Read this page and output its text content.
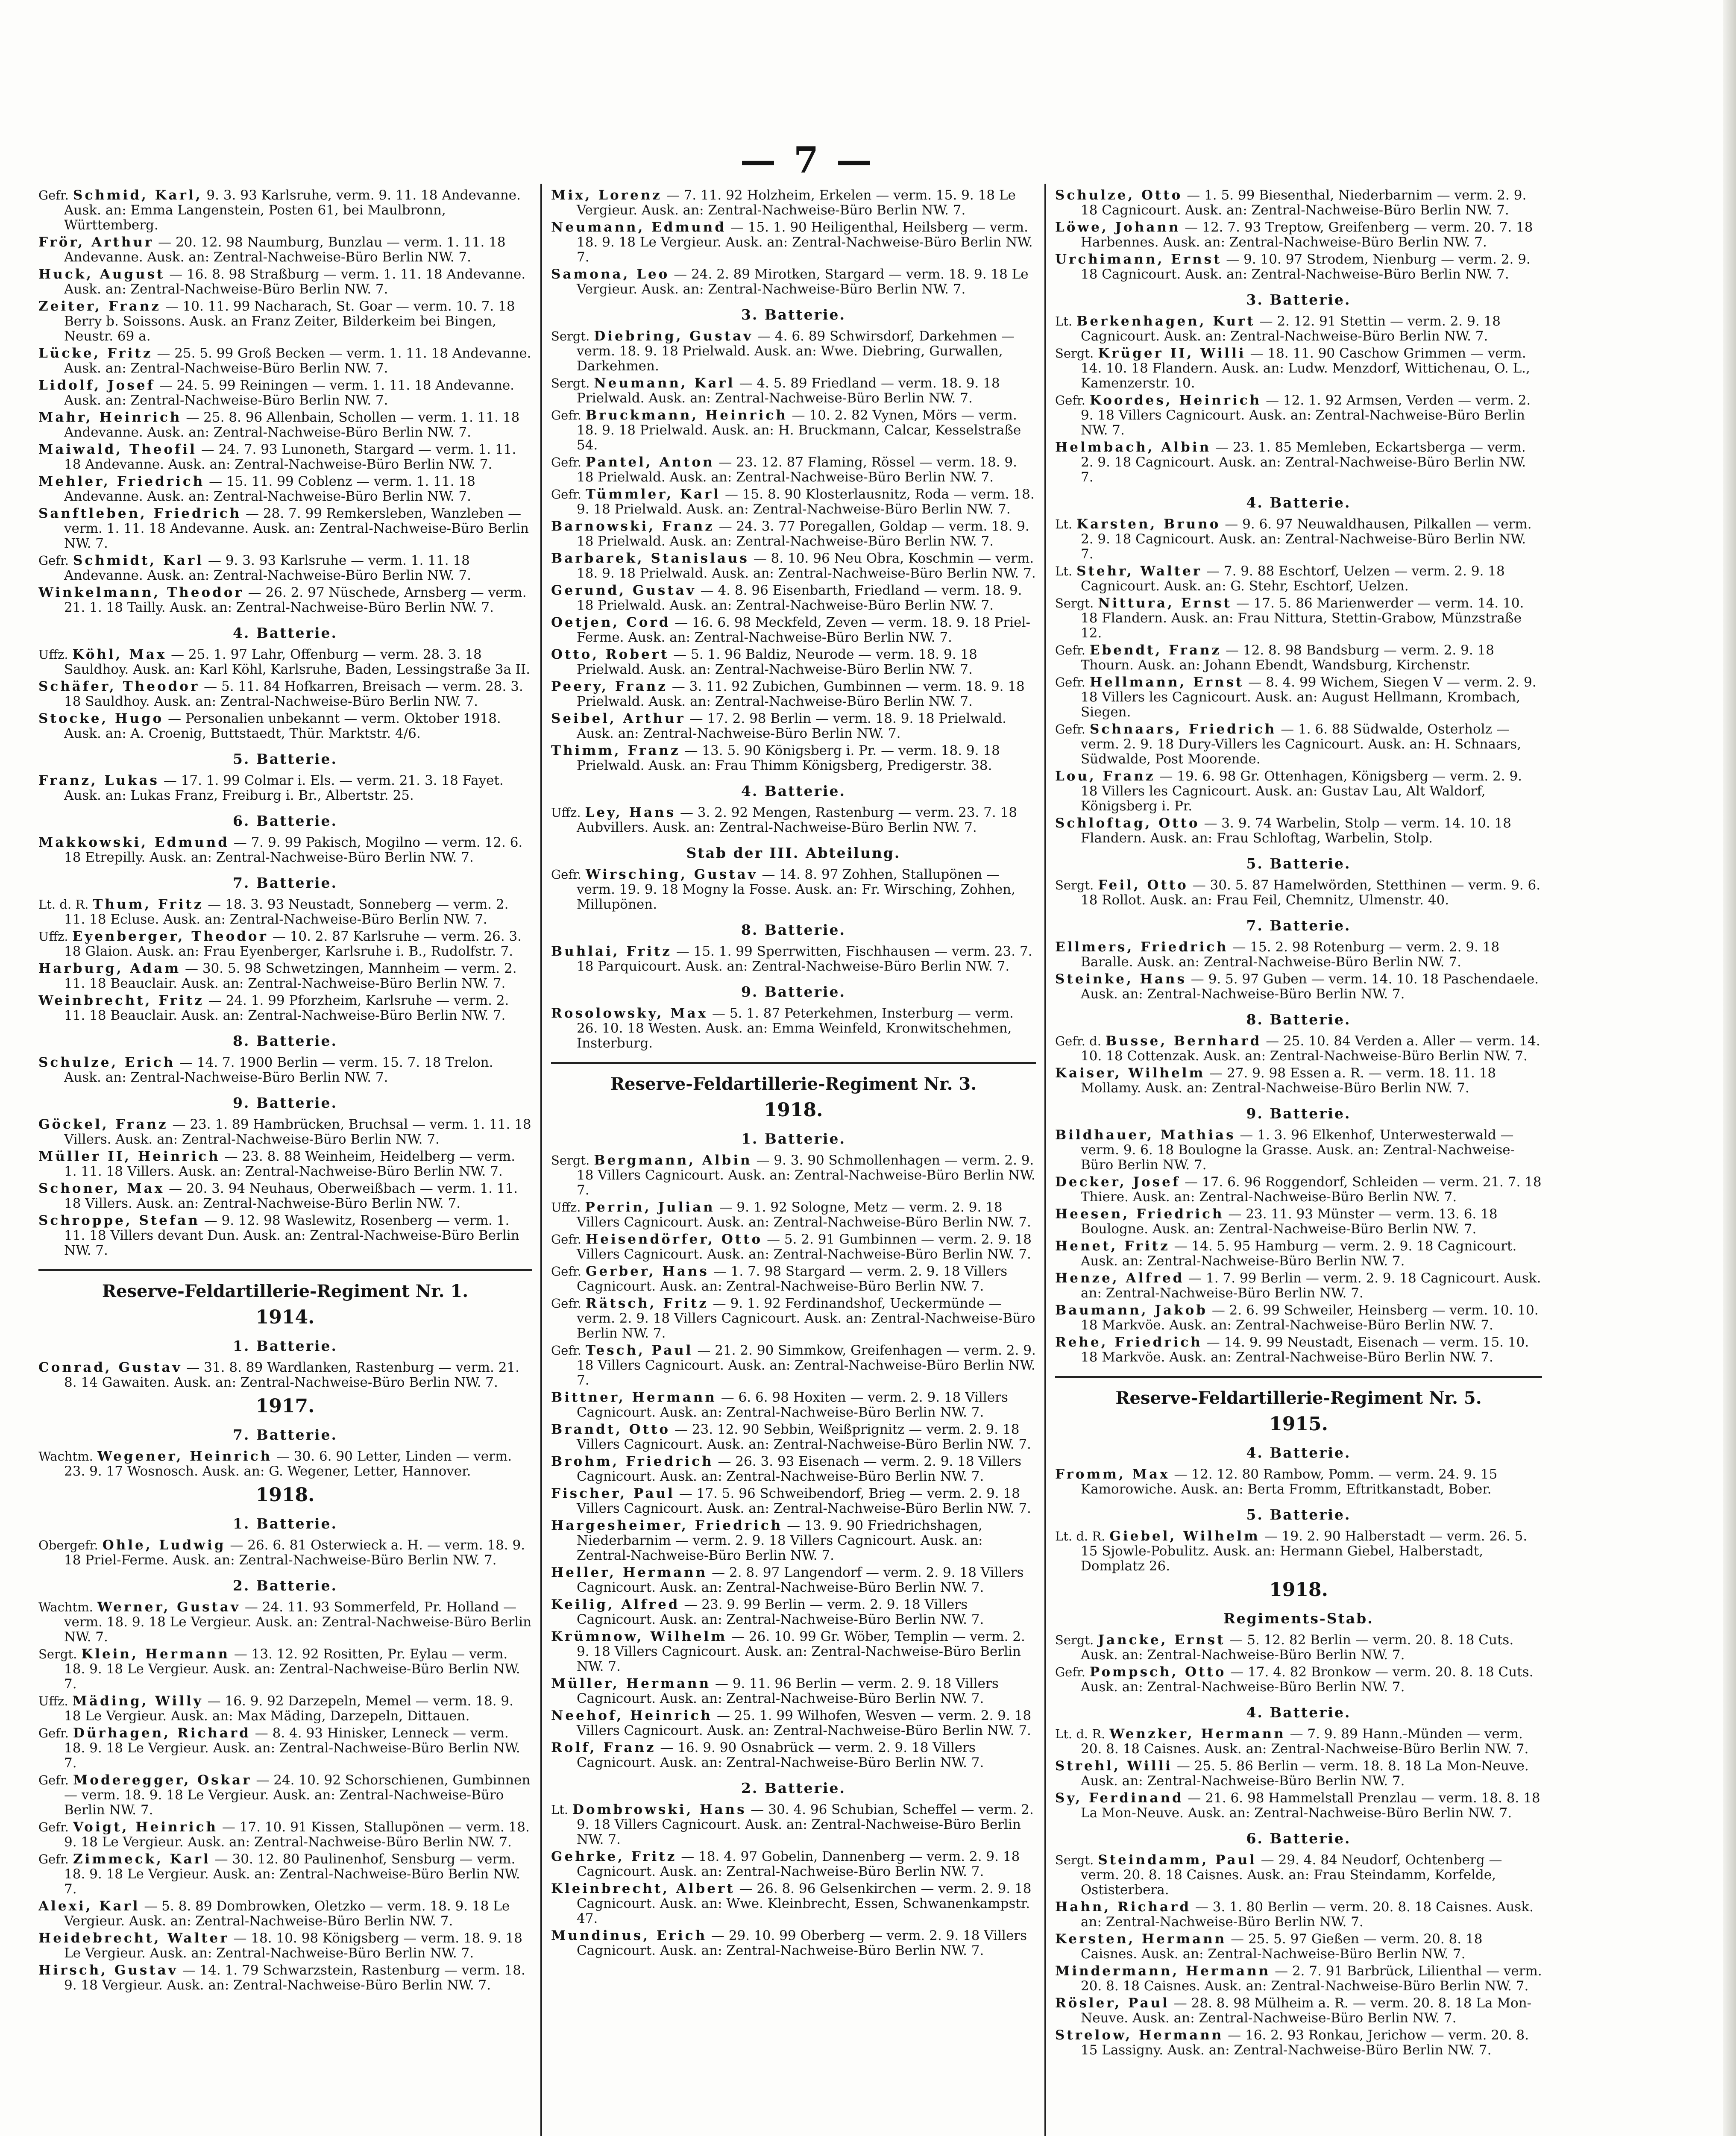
— 7 —

Gefr. Schmid, Karl, 9. 3. 93 Karlsruhe, verm. 9. 11. 18 Andevanne. Ausk. an: Emma Langenstein, Posten 61, bei Maulbronn, Württemberg.

Frör, Arthur — 20. 12. 98 Naumburg, Bunzlau — verm. 1. 11. 18 Andevanne. Ausk. an: Zentral-Nachweise-Büro Berlin NW. 7.

Huck, August — 16. 8. 98 Straßburg — verm. 1. 11. 18 Andevanne. Ausk. an: Zentral-Nachweise-Büro Berlin NW. 7.

Zeiter, Franz — 10. 11. 99 Nacharach, St. Goar — verm. 10. 7. 18 Berry b. Soissons. Ausk. an Franz Zeiter, Bilderkeim bei Bingen, Neustr. 69 a.

Lücke, Fritz — 25. 5. 99 Groß Becken — verm. 1. 11. 18 Andevanne. Ausk. an: Zentral-Nachweise-Büro Berlin NW. 7.

Lidolf, Josef — 24. 5. 99 Reiningen — verm. 1. 11. 18 Andevanne. Ausk. an: Zentral-Nachweise-Büro Berlin NW. 7.

Mahr, Heinrich — 25. 8. 96 Allenbain, Schollen — verm. 1. 11. 18 Andevanne. Ausk. an: Zentral-Nachweise-Büro Berlin NW. 7.

Maiwald, Theofil — 24. 7. 93 Lunoneth, Stargard — verm. 1. 11. 18 Andevanne. Ausk. an: Zentral-Nachweise-Büro Berlin NW. 7.

Mehler, Friedrich — 15. 11. 99 Coblenz — verm. 1. 11. 18 Andevanne. Ausk. an: Zentral-Nachweise-Büro Berlin NW. 7.

Sanftleben, Friedrich — 28. 7. 99 Remkersleben, Wanzleben — verm. 1. 11. 18 Andevanne. Ausk. an: Zentral-Nachweise-Büro Berlin NW. 7.

Gefr. Schmidt, Karl — 9. 3. 93 Karlsruhe — verm. 1. 11. 18 Andevanne. Ausk. an: Zentral-Nachweise-Büro Berlin NW. 7.

Winkelmann, Theodor — 26. 2. 97 Nüschede, Arnsberg — verm. 21. 1. 18 Tailly. Ausk. an: Zentral-Nachweise-Büro Berlin NW. 7.

4. Batterie.

Uffz. Köhl, Max — 25. 1. 97 Lahr, Offenburg — verm. 28. 3. 18 Sauldhoy. Ausk. an: Karl Köhl, Karlsruhe, Baden, Lessingstraße 3a II.

Schäfer, Theodor — 5. 11. 84 Hofkarren, Breisach — verm. 28. 3. 18 Sauldhoy. Ausk. an: Zentral-Nachweise-Büro Berlin NW. 7.

Stocke, Hugo — Personalien unbekannt — verm. Oktober 1918. Ausk. an: A. Croenig, Buttstaedt, Thür. Marktstr. 4/6.

5. Batterie.

Franz, Lukas — 17. 1. 99 Colmar i. Els. — verm. 21. 3. 18 Fayet. Ausk. an: Lukas Franz, Freiburg i. Br., Albertstr. 25.

6. Batterie.

Makkowski, Edmund — 7. 9. 99 Pakisch, Mogilno — verm. 12. 6. 18 Etrepilly. Ausk. an: Zentral-Nachweise-Büro Berlin NW. 7.

7. Batterie.

Lt. d. R. Thum, Fritz — 18. 3. 93 Neustadt, Sonneberg — verm. 2. 11. 18 Ecluse. Ausk. an: Zentral-Nachweise-Büro Berlin NW. 7.

Uffz. Eyenberger, Theodor — 10. 2. 87 Karlsruhe — verm. 26. 3. 18 Glaion. Ausk. an: Frau Eyenberger, Karlsruhe i. B., Rudolfstr. 7.

Harburg, Adam — 30. 5. 98 Schwetzingen, Mannheim — verm. 2. 11. 18 Beauclair. Ausk. an: Zentral-Nachweise-Büro Berlin NW. 7.

Weinbrecht, Fritz — 24. 1. 99 Pforzheim, Karlsruhe — verm. 2. 11. 18 Beauclair. Ausk. an: Zentral-Nachweise-Büro Berlin NW. 7.

8. Batterie.

Schulze, Erich — 14. 7. 1900 Berlin — verm. 15. 7. 18 Trelon. Ausk. an: Zentral-Nachweise-Büro Berlin NW. 7.

9. Batterie.

Göckel, Franz — 23. 1. 89 Hambrücken, Bruchsal — verm. 1. 11. 18 Villers. Ausk. an: Zentral-Nachweise-Büro Berlin NW. 7.

Müller II, Heinrich — 23. 8. 88 Weinheim, Heidelberg — verm. 1. 11. 18 Villers. Ausk. an: Zentral-Nachweise-Büro Berlin NW. 7.

Schoner, Max — 20. 3. 94 Neuhaus, Oberweißbach — verm. 1. 11. 18 Villers. Ausk. an: Zentral-Nachweise-Büro Berlin NW. 7.

Schroppe, Stefan — 9. 12. 98 Waslewitz, Rosenberg — verm. 1. 11. 18 Villers devant Dun. Ausk. an: Zentral-Nachweise-Büro Berlin NW. 7.

Reserve-Feldartillerie-Regiment Nr. 1.
1914.
1. Batterie.

Conrad, Gustav — 31. 8. 89 Wardlanken, Rastenburg — verm. 21. 8. 14 Gawaiten. Ausk. an: Zentral-Nachweise-Büro Berlin NW. 7.

1917.
7. Batterie.

Wachtm. Wegener, Heinrich — 30. 6. 90 Letter, Linden — verm. 23. 9. 17 Wosnosch. Ausk. an: G. Wegener, Letter, Hannover.

1918.
1. Batterie.

Obergefr. Ohle, Ludwig — 26. 6. 81 Osterwieck a. H. — verm. 18. 9. 18 Priel-Ferme. Ausk. an: Zentral-Nachweise-Büro Berlin NW. 7.

2. Batterie.

Wachtm. Werner, Gustav — 24. 11. 93 Sommerfeld, Pr. Holland — verm. 18. 9. 18 Le Vergieur. Ausk. an: Zentral-Nachweise-Büro Berlin NW. 7.

Sergt. Klein, Hermann — 13. 12. 92 Rositten, Pr. Eylau — verm. 18. 9. 18 Le Vergieur. Ausk. an: Zentral-Nachweise-Büro Berlin NW. 7.

Uffz. Mäding, Willy — 16. 9. 92 Darzepeln, Memel — verm. 18. 9. 18 Le Vergieur. Ausk. an: Max Mäding, Darzepeln, Dittauen.

Gefr. Dürhagen, Richard — 8. 4. 93 Hinisker, Lenneck — verm. 18. 9. 18 Le Vergieur. Ausk. an: Zentral-Nachweise-Büro Berlin NW. 7.

Gefr. Moderegger, Oskar — 24. 10. 92 Schorschienen, Gumbinnen — verm. 18. 9. 18 Le Vergieur. Ausk. an: Zentral-Nachweise-Büro Berlin NW. 7.

Gefr. Voigt, Heinrich — 17. 10. 91 Kissen, Stallupönen — verm. 18. 9. 18 Le Vergieur. Ausk. an: Zentral-Nachweise-Büro Berlin NW. 7.

Gefr. Zimmeck, Karl — 30. 12. 80 Paulinenhof, Sensburg — verm. 18. 9. 18 Le Vergieur. Ausk. an: Zentral-Nachweise-Büro Berlin NW. 7.

Alexi, Karl — 5. 8. 89 Dombrowken, Oletzko — verm. 18. 9. 18 Le Vergieur. Ausk. an: Zentral-Nachweise-Büro Berlin NW. 7.

Heidebrecht, Walter — 18. 10. 98 Königsberg — verm. 18. 9. 18 Le Vergieur. Ausk. an: Zentral-Nachweise-Büro Berlin NW. 7.

Hirsch, Gustav — 14. 1. 79 Schwarzstein, Rastenburg — verm. 18. 9. 18 Vergieur. Ausk. an: Zentral-Nachweise-Büro Berlin NW. 7.

Mix, Lorenz — 7. 11. 92 Holzheim, Erkelen — verm. 15. 9. 18 Le Vergieur. Ausk. an: Zentral-Nachweise-Büro Berlin NW. 7.

Neumann, Edmund — 15. 1. 90 Heiligenthal, Heilsberg — verm. 18. 9. 18 Le Vergieur. Ausk. an: Zentral-Nachweise-Büro Berlin NW. 7.

Samona, Leo — 24. 2. 89 Mirotken, Stargard — verm. 18. 9. 18 Le Vergieur. Ausk. an: Zentral-Nachweise-Büro Berlin NW. 7.

3. Batterie.

Sergt. Diebring, Gustav — 4. 6. 89 Schwirsdorf, Darkehmen — verm. 18. 9. 18 Prielwald. Ausk. an: Wwe. Diebring, Gurwallen, Darkehmen.

Sergt. Neumann, Karl — 4. 5. 89 Friedland — verm. 18. 9. 18 Prielwald. Ausk. an: Zentral-Nachweise-Büro Berlin NW. 7.

Gefr. Bruckmann, Heinrich — 10. 2. 82 Vynen, Mörs — verm. 18. 9. 18 Prielwald. Ausk. an: H. Bruckmann, Calcar, Kesselstraße 54.

Gefr. Pantel, Anton — 23. 12. 87 Flaming, Rössel — verm. 18. 9. 18 Prielwald. Ausk. an: Zentral-Nachweise-Büro Berlin NW. 7.

Gefr. Tümmler, Karl — 15. 8. 90 Klosterlausnitz, Roda — verm. 18. 9. 18 Prielwald. Ausk. an: Zentral-Nachweise-Büro Berlin NW. 7.

Barnowski, Franz — 24. 3. 77 Poregallen, Goldap — verm. 18. 9. 18 Prielwald. Ausk. an: Zentral-Nachweise-Büro Berlin NW. 7.

Barbarek, Stanislaus — 8. 10. 96 Neu Obra, Koschmin — verm. 18. 9. 18 Prielwald. Ausk. an: Zentral-Nachweise-Büro Berlin NW. 7.

Gerund, Gustav — 4. 8. 96 Eisenbarth, Friedland — verm. 18. 9. 18 Prielwald. Ausk. an: Zentral-Nachweise-Büro Berlin NW. 7.

Oetjen, Cord — 16. 6. 98 Meckfeld, Zeven — verm. 18. 9. 18 Priel-Ferme. Ausk. an: Zentral-Nachweise-Büro Berlin NW. 7.

Otto, Robert — 5. 1. 96 Baldiz, Neurode — verm. 18. 9. 18 Prielwald. Ausk. an: Zentral-Nachweise-Büro Berlin NW. 7.

Peery, Franz — 3. 11. 92 Zubichen, Gumbinnen — verm. 18. 9. 18 Prielwald. Ausk. an: Zentral-Nachweise-Büro Berlin NW. 7.

Seibel, Arthur — 17. 2. 98 Berlin — verm. 18. 9. 18 Prielwald. Ausk. an: Zentral-Nachweise-Büro Berlin NW. 7.

Thimm, Franz — 13. 5. 90 Königsberg i. Pr. — verm. 18. 9. 18 Prielwald. Ausk. an: Frau Thimm Königsberg, Predigerstr. 38.

4. Batterie.

Uffz. Ley, Hans — 3. 2. 92 Mengen, Rastenburg — verm. 23. 7. 18 Aubvillers. Ausk. an: Zentral-Nachweise-Büro Berlin NW. 7.

Stab der III. Abteilung.

Gefr. Wirsching, Gustav — 14. 8. 97 Zohhen, Stallupönen — verm. 19. 9. 18 Mogny la Fosse. Ausk. an: Fr. Wirsching, Zohhen, Millupönen.

8. Batterie.

Buhlai, Fritz — 15. 1. 99 Sperrwitten, Fischhausen — verm. 23. 7. 18 Parquicourt. Ausk. an: Zentral-Nachweise-Büro Berlin NW. 7.

9. Batterie.

Rosolowsky, Max — 5. 1. 87 Peterkehmen, Insterburg — verm. 26. 10. 18 Westen. Ausk. an: Emma Weinfeld, Kronwitschehmen, Insterburg.

Reserve-Feldartillerie-Regiment Nr. 3.
1918.
1. Batterie.

Sergt. Bergmann, Albin — 9. 3. 90 Schmollenhagen — verm. 2. 9. 18 Villers Cagnicourt. Ausk. an: Zentral-Nachweise-Büro Berlin NW. 7.

Uffz. Perrin, Julian — 9. 1. 92 Sologne, Metz — verm. 2. 9. 18 Villers Cagnicourt. Ausk. an: Zentral-Nachweise-Büro Berlin NW. 7.

Gefr. Heisendörfer, Otto — 5. 2. 91 Gumbinnen — verm. 2. 9. 18 Villers Cagnicourt. Ausk. an: Zentral-Nachweise-Büro Berlin NW. 7.

Gefr. Gerber, Hans — 1. 7. 98 Stargard — verm. 2. 9. 18 Villers Cagnicourt. Ausk. an: Zentral-Nachweise-Büro Berlin NW. 7.

Gefr. Rätsch, Fritz — 9. 1. 92 Ferdinandshof, Ueckermünde — verm. 2. 9. 18 Villers Cagnicourt. Ausk. an: Zentral-Nachweise-Büro Berlin NW. 7.

Gefr. Tesch, Paul — 21. 2. 90 Simmkow, Greifenhagen — verm. 2. 9. 18 Villers Cagnicourt. Ausk. an: Zentral-Nachweise-Büro Berlin NW. 7.

Bittner, Hermann — 6. 6. 98 Hoxiten — verm. 2. 9. 18 Villers Cagnicourt. Ausk. an: Zentral-Nachweise-Büro Berlin NW. 7.

Brandt, Otto — 23. 12. 90 Sebbin, Weißprignitz — verm. 2. 9. 18 Villers Cagnicourt. Ausk. an: Zentral-Nachweise-Büro Berlin NW. 7.

Brohm, Friedrich — 26. 3. 93 Eisenach — verm. 2. 9. 18 Villers Cagnicourt. Ausk. an: Zentral-Nachweise-Büro Berlin NW. 7.

Fischer, Paul — 17. 5. 96 Schweibendorf, Brieg — verm. 2. 9. 18 Villers Cagnicourt. Ausk. an: Zentral-Nachweise-Büro Berlin NW. 7.

Hargesheimer, Friedrich — 13. 9. 90 Friedrichshagen, Niederbarnim — verm. 2. 9. 18 Villers Cagnicourt. Ausk. an: Zentral-Nachweise-Büro Berlin NW. 7.

Heller, Hermann — 2. 8. 97 Langendorf — verm. 2. 9. 18 Villers Cagnicourt. Ausk. an: Zentral-Nachweise-Büro Berlin NW. 7.

Keilig, Alfred — 23. 9. 99 Berlin — verm. 2. 9. 18 Villers Cagnicourt. Ausk. an: Zentral-Nachweise-Büro Berlin NW. 7.

Krümnow, Wilhelm — 26. 10. 99 Gr. Wöber, Templin — verm. 2. 9. 18 Villers Cagnicourt. Ausk. an: Zentral-Nachweise-Büro Berlin NW. 7.

Müller, Hermann — 9. 11. 96 Berlin — verm. 2. 9. 18 Villers Cagnicourt. Ausk. an: Zentral-Nachweise-Büro Berlin NW. 7.

Neehof, Heinrich — 25. 1. 99 Wilhofen, Wesven — verm. 2. 9. 18 Villers Cagnicourt. Ausk. an: Zentral-Nachweise-Büro Berlin NW. 7.

Rolf, Franz — 16. 9. 90 Osnabrück — verm. 2. 9. 18 Villers Cagnicourt. Ausk. an: Zentral-Nachweise-Büro Berlin NW. 7.

2. Batterie.

Lt. Dombrowski, Hans — 30. 4. 96 Schubian, Scheffel — verm. 2. 9. 18 Villers Cagnicourt. Ausk. an: Zentral-Nachweise-Büro Berlin NW. 7.

Gehrke, Fritz — 18. 4. 97 Gobelin, Dannenberg — verm. 2. 9. 18 Cagnicourt. Ausk. an: Zentral-Nachweise-Büro Berlin NW. 7.

Kleinbrecht, Albert — 26. 8. 96 Gelsenkirchen — verm. 2. 9. 18 Cagnicourt. Ausk. an: Wwe. Kleinbrecht, Essen, Schwanenkampstr. 47.

Mundinus, Erich — 29. 10. 99 Oberberg — verm. 2. 9. 18 Villers Cagnicourt. Ausk. an: Zentral-Nachweise-Büro Berlin NW. 7.

Schulze, Otto — 1. 5. 99 Biesenthal, Niederbarnim — verm. 2. 9. 18 Cagnicourt. Ausk. an: Zentral-Nachweise-Büro Berlin NW. 7.

Löwe, Johann — 12. 7. 93 Treptow, Greifenberg — verm. 20. 7. 18 Harbennes. Ausk. an: Zentral-Nachweise-Büro Berlin NW. 7.

Urchimann, Ernst — 9. 10. 97 Strodem, Nienburg — verm. 2. 9. 18 Cagnicourt. Ausk. an: Zentral-Nachweise-Büro Berlin NW. 7.

3. Batterie.

Lt. Berkenhagen, Kurt — 2. 12. 91 Stettin — verm. 2. 9. 18 Cagnicourt. Ausk. an: Zentral-Nachweise-Büro Berlin NW. 7.

Sergt. Krüger II, Willi — 18. 11. 90 Caschow Grimmen — verm. 14. 10. 18 Flandern. Ausk. an: Ludw. Menzdorf, Wittichenau, O. L., Kamenzerstr. 10.

Gefr. Koordes, Heinrich — 12. 1. 92 Armsen, Verden — verm. 2. 9. 18 Villers Cagnicourt. Ausk. an: Zentral-Nachweise-Büro Berlin NW. 7.

Helmbach, Albin — 23. 1. 85 Memleben, Eckartsberga — verm. 2. 9. 18 Cagnicourt. Ausk. an: Zentral-Nachweise-Büro Berlin NW. 7.

4. Batterie.

Lt. Karsten, Bruno — 9. 6. 97 Neuwaldhausen, Pilkallen — verm. 2. 9. 18 Cagnicourt. Ausk. an: Zentral-Nachweise-Büro Berlin NW. 7.

Lt. Stehr, Walter — 7. 9. 88 Eschtorf, Uelzen — verm. 2. 9. 18 Cagnicourt. Ausk. an: G. Stehr, Eschtorf, Uelzen.

Sergt. Nittura, Ernst — 17. 5. 86 Marienwerder — verm. 14. 10. 18 Flandern. Ausk. an: Frau Nittura, Stettin-Grabow, Münzstraße 12.

Gefr. Ebendt, Franz — 12. 8. 98 Bandsburg — verm. 2. 9. 18 Thourn. Ausk. an: Johann Ebendt, Wandsburg, Kirchenstr.

Gefr. Hellmann, Ernst — 8. 4. 99 Wichem, Siegen V — verm. 2. 9. 18 Villers les Cagnicourt. Ausk. an: August Hellmann, Krombach, Siegen.

Gefr. Schnaars, Friedrich — 1. 6. 88 Südwalde, Osterholz — verm. 2. 9. 18 Dury-Villers les Cagnicourt. Ausk. an: H. Schnaars, Südwalde, Post Moorende.

Lou, Franz — 19. 6. 98 Gr. Ottenhagen, Königsberg — verm. 2. 9. 18 Villers les Cagnicourt. Ausk. an: Gustav Lau, Alt Waldorf, Königsberg i. Pr.

Schloftag, Otto — 3. 9. 74 Warbelin, Stolp — verm. 14. 10. 18 Flandern. Ausk. an: Frau Schloftag, Warbelin, Stolp.

5. Batterie.

Sergt. Feil, Otto — 30. 5. 87 Hamelwörden, Stetthinen — verm. 9. 6. 18 Rollot. Ausk. an: Frau Feil, Chemnitz, Ulmenstr. 40.

7. Batterie.

Ellmers, Friedrich — 15. 2. 98 Rotenburg — verm. 2. 9. 18 Baralle. Ausk. an: Zentral-Nachweise-Büro Berlin NW. 7.

Steinke, Hans — 9. 5. 97 Guben — verm. 14. 10. 18 Paschendaele. Ausk. an: Zentral-Nachweise-Büro Berlin NW. 7.

8. Batterie.

Gefr. d. Busse, Bernhard — 25. 10. 84 Verden a. Aller — verm. 14. 10. 18 Cottenzak. Ausk. an: Zentral-Nachweise-Büro Berlin NW. 7.

Kaiser, Wilhelm — 27. 9. 98 Essen a. R. — verm. 18. 11. 18 Mollamy. Ausk. an: Zentral-Nachweise-Büro Berlin NW. 7.

9. Batterie.

Bildhauer, Mathias — 1. 3. 96 Elkenhof, Unterwesterwald — verm. 9. 6. 18 Boulogne la Grasse. Ausk. an: Zentral-Nachweise-Büro Berlin NW. 7.

Decker, Josef — 17. 6. 96 Roggendorf, Schleiden — verm. 21. 7. 18 Thiere. Ausk. an: Zentral-Nachweise-Büro Berlin NW. 7.

Heesen, Friedrich — 23. 11. 93 Münster — verm. 13. 6. 18 Boulogne. Ausk. an: Zentral-Nachweise-Büro Berlin NW. 7.

Henet, Fritz — 14. 5. 95 Hamburg — verm. 2. 9. 18 Cagnicourt. Ausk. an: Zentral-Nachweise-Büro Berlin NW. 7.

Henze, Alfred — 1. 7. 99 Berlin — verm. 2. 9. 18 Cagnicourt. Ausk. an: Zentral-Nachweise-Büro Berlin NW. 7.

Baumann, Jakob — 2. 6. 99 Schweiler, Heinsberg — verm. 10. 10. 18 Markvöe. Ausk. an: Zentral-Nachweise-Büro Berlin NW. 7.

Rehe, Friedrich — 14. 9. 99 Neustadt, Eisenach — verm. 15. 10. 18 Markvöe. Ausk. an: Zentral-Nachweise-Büro Berlin NW. 7.

Reserve-Feldartillerie-Regiment Nr. 5.
1915.
4. Batterie.

Fromm, Max — 12. 12. 80 Rambow, Pomm. — verm. 24. 9. 15 Kamorowiche. Ausk. an: Berta Fromm, Eftritkanstadt, Bober.

5. Batterie.

Lt. d. R. Giebel, Wilhelm — 19. 2. 90 Halberstadt — verm. 26. 5. 15 Sjowle-Pobulitz. Ausk. an: Hermann Giebel, Halberstadt, Domplatz 26.

1918.
Regiments-Stab.

Sergt. Jancke, Ernst — 5. 12. 82 Berlin — verm. 20. 8. 18 Cuts. Ausk. an: Zentral-Nachweise-Büro Berlin NW. 7.

Gefr. Pompsch, Otto — 17. 4. 82 Bronkow — verm. 20. 8. 18 Cuts. Ausk. an: Zentral-Nachweise-Büro Berlin NW. 7.

4. Batterie.

Lt. d. R. Wenzker, Hermann — 7. 9. 89 Hann.-Münden — verm. 20. 8. 18 Caisnes. Ausk. an: Zentral-Nachweise-Büro Berlin NW. 7.

Strehl, Willi — 25. 5. 86 Berlin — verm. 18. 8. 18 La Mon-Neuve. Ausk. an: Zentral-Nachweise-Büro Berlin NW. 7.

Sy, Ferdinand — 21. 6. 98 Hammelstall Prenzlau — verm. 18. 8. 18 La Mon-Neuve. Ausk. an: Zentral-Nachweise-Büro Berlin NW. 7.

6. Batterie.

Sergt. Steindamm, Paul — 29. 4. 84 Neudorf, Ochtenberg — verm. 20. 8. 18 Caisnes. Ausk. an: Frau Steindamm, Korfelde, Ostisterbera.

Hahn, Richard — 3. 1. 80 Berlin — verm. 20. 8. 18 Caisnes. Ausk. an: Zentral-Nachweise-Büro Berlin NW. 7.

Kersten, Hermann — 25. 5. 97 Gießen — verm. 20. 8. 18 Caisnes. Ausk. an: Zentral-Nachweise-Büro Berlin NW. 7.

Mindermann, Hermann — 2. 7. 91 Barbrück, Lilienthal — verm. 20. 8. 18 Caisnes. Ausk. an: Zentral-Nachweise-Büro Berlin NW. 7.

Rösler, Paul — 28. 8. 98 Mülheim a. R. — verm. 20. 8. 18 La Mon-Neuve. Ausk. an: Zentral-Nachweise-Büro Berlin NW. 7.

Strelow, Hermann — 16. 2. 93 Ronkau, Jerichow — verm. 20. 8. 15 Lassigny. Ausk. an: Zentral-Nachweise-Büro Berlin NW. 7.
